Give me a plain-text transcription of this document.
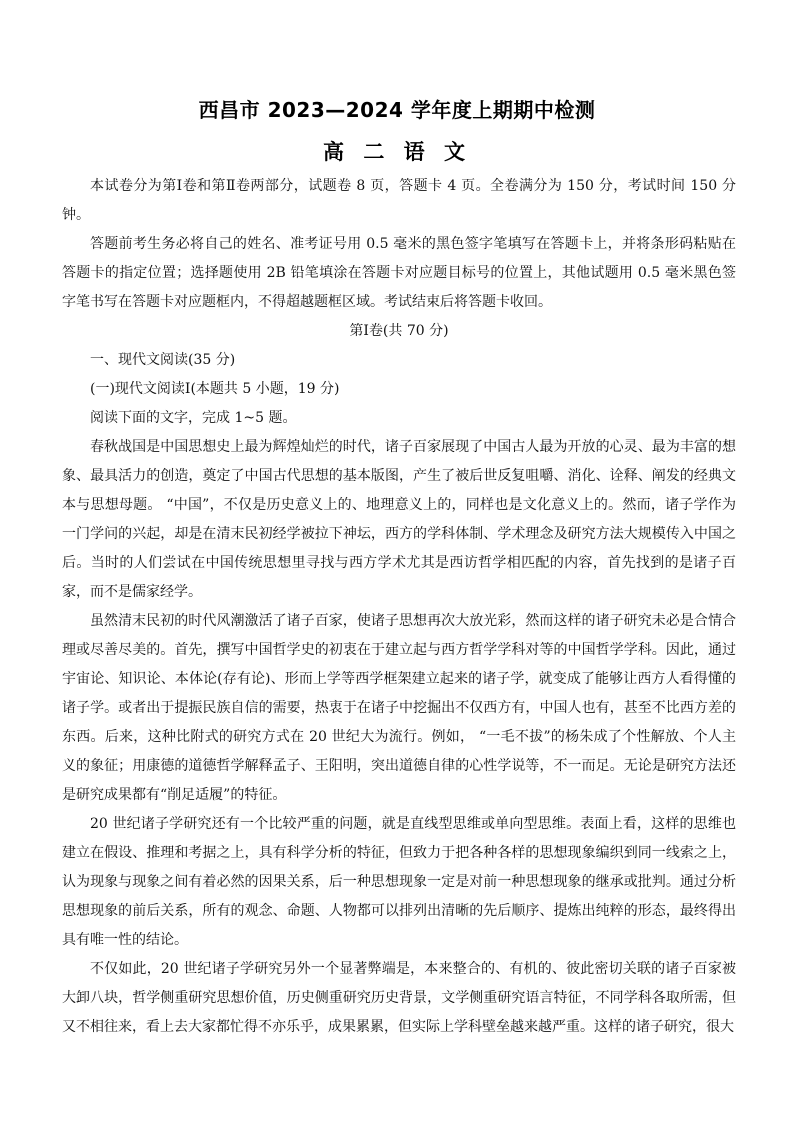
西昌市 2023—2024 学年度上期期中检测
高 二 语 文

本试卷分为第Ⅰ卷和第Ⅱ卷两部分，试题卷 8 页，答题卡 4 页。全卷满分为 150 分，考试时间 150 分钟。

答题前考生务必将自己的姓名、准考证号用 0.5 毫米的黑色签字笔填写在答题卡上，并将条形码粘贴在答题卡的指定位置；选择题使用 2B 铅笔填涂在答题卡对应题目标号的位置上，其他试题用 0.5 毫米黑色签字笔书写在答题卡对应题框内，不得超越题框区域。考试结束后将答题卡收回。

第Ⅰ卷(共 70 分)

一、现代文阅读(35 分)

(一)现代文阅读Ⅰ(本题共 5 小题，19 分)

阅读下面的文字，完成 1~5 题。

春秋战国是中国思想史上最为辉煌灿烂的时代，诸子百家展现了中国古人最为开放的心灵、最为丰富的想象、最具活力的创造，奠定了中国古代思想的基本版图，产生了被后世反复咀嚼、消化、诠释、阐发的经典文本与思想母题。 “中国”，不仅是历史意义上的、地理意义上的，同样也是文化意义上的。然而，诸子学作为一门学问的兴起，却是在清末民初经学被拉下神坛，西方的学科体制、学术理念及研究方法大规模传入中国之后。当时的人们尝试在中国传统思想里寻找与西方学术尤其是西访哲学相匹配的内容，首先找到的是诸子百家，而不是儒家经学。

虽然清末民初的时代风潮激活了诸子百家，使诸子思想再次大放光彩，然而这样的诸子研究未必是合情合理或尽善尽美的。首先，撰写中国哲学史的初衷在于建立起与西方哲学学科对等的中国哲学学科。因此，通过宇宙论、知识论、本体论(存有论)、形而上学等西学框架建立起来的诸子学，就变成了能够让西方人看得懂的诸子学。或者出于提振民族自信的需要，热衷于在诸子中挖掘出不仅西方有，中国人也有，甚至不比西方差的东西。后来，这种比附式的研究方式在 20 世纪大为流行。例如， “一毛不拔”的杨朱成了个性解放、个人主义的象征；用康德的道德哲学解释孟子、王阳明，突出道德自律的心性学说等，不一而足。无论是研究方法还是研究成果都有“削足适履”的特征。

20 世纪诸子学研究还有一个比较严重的问题，就是直线型思维或单向型思维。表面上看，这样的思维也建立在假设、推理和考据之上，具有科学分析的特征，但致力于把各种各样的思想现象编织到同一线索之上，认为现象与现象之间有着必然的因果关系，后一种思想现象一定是对前一种思想现象的继承或批判。通过分析思想现象的前后关系，所有的观念、命题、人物都可以排列出清晰的先后顺序、提炼出纯粹的形态，最终得出具有唯一性的结论。

不仅如此，20 世纪诸子学研究另外一个显著弊端是，本来整合的、有机的、彼此密切关联的诸子百家被大卸八块，哲学侧重研究思想价值，历史侧重研究历史背景，文学侧重研究语言特征，不同学科各取所需，但又不相往来，看上去大家都忙得不亦乐乎，成果累累，但实际上学科壁垒越来越严重。这样的诸子研究，很大
